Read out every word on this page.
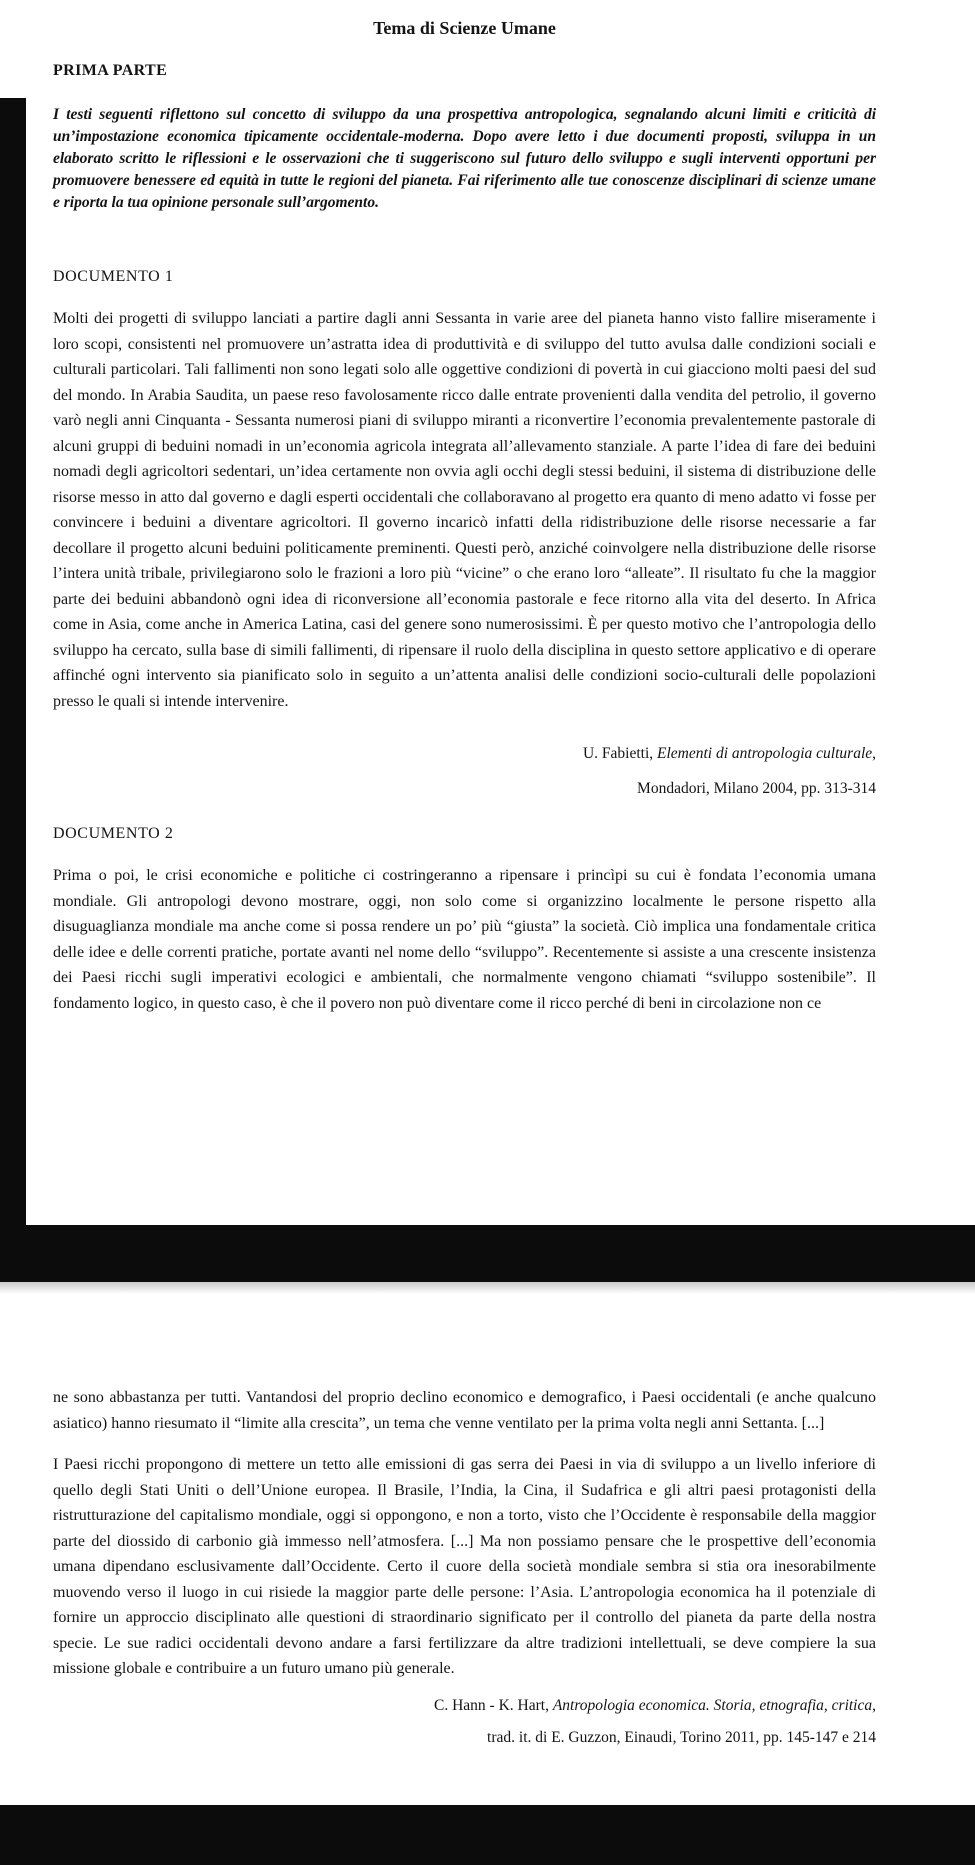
Tema di Scienze Umane
PRIMA PARTE

I testi seguenti riflettono sul concetto di sviluppo da una prospettiva antropologica, segnalando alcuni limiti e criticità di un’impostazione economica tipicamente occidentale-moderna. Dopo avere letto i due documenti proposti, sviluppa in un elaborato scritto le riflessioni e le osservazioni che ti suggeriscono sul futuro dello sviluppo e sugli interventi opportuni per promuovere benessere ed equità in tutte le regioni del pianeta. Fai riferimento alle tue conoscenze disciplinari di scienze umane e riporta la tua opinione personale sull’argomento.

DOCUMENTO 1

Molti dei progetti di sviluppo lanciati a partire dagli anni Sessanta in varie aree del pianeta hanno visto fallire miseramente i loro scopi, consistenti nel promuovere un’astratta idea di produttività e di sviluppo del tutto avulsa dalle condizioni sociali e culturali particolari. Tali fallimenti non sono legati solo alle oggettive condizioni di povertà in cui giacciono molti paesi del sud del mondo. In Arabia Saudita, un paese reso favolosamente ricco dalle entrate provenienti dalla vendita del petrolio, il governo varò negli anni Cinquanta - Sessanta numerosi piani di sviluppo miranti a riconvertire l’economia prevalentemente pastorale di alcuni gruppi di beduini nomadi in un’economia agricola integrata all’allevamento stanziale. A parte l’idea di fare dei beduini nomadi degli agricoltori sedentari, un’idea certamente non ovvia agli occhi degli stessi beduini, il sistema di distribuzione delle risorse messo in atto dal governo e dagli esperti occidentali che collaboravano al progetto era quanto di meno adatto vi fosse per convincere i beduini a diventare agricoltori. Il governo incaricò infatti della ridistribuzione delle risorse necessarie a far decollare il progetto alcuni beduini politicamente preminenti. Questi però, anziché coinvolgere nella distribuzione delle risorse l’intera unità tribale, privilegiarono solo le frazioni a loro più “vicine” o che erano loro “alleate”. Il risultato fu che la maggior parte dei beduini abbandonò ogni idea di riconversione all’economia pastorale e fece ritorno alla vita del deserto. In Africa come in Asia, come anche in America Latina, casi del genere sono numerosissimi. È per questo motivo che l’antropologia dello sviluppo ha cercato, sulla base di simili fallimenti, di ripensare il ruolo della disciplina in questo settore applicativo e di operare affinché ogni intervento sia pianificato solo in seguito a un’attenta analisi delle condizioni socio-culturali delle popolazioni presso le quali si intende intervenire.

U. Fabietti, Elementi di antropologia culturale,
Mondadori, Milano 2004, pp. 313-314
DOCUMENTO 2

Prima o poi, le crisi economiche e politiche ci costringeranno a ripensare i princìpi su cui è fondata l’economia umana mondiale. Gli antropologi devono mostrare, oggi, non solo come si organizzino localmente le persone rispetto alla disuguaglianza mondiale ma anche come si possa rendere un po’ più “giusta” la società. Ciò implica una fondamentale critica delle idee e delle correnti pratiche, portate avanti nel nome dello “sviluppo”. Recentemente si assiste a una crescente insistenza dei Paesi ricchi sugli imperativi ecologici e ambientali, che normalmente vengono chiamati “sviluppo sostenibile”. Il fondamento logico, in questo caso, è che il povero non può diventare come il ricco perché di beni in circolazione non ce

ne sono abbastanza per tutti. Vantandosi del proprio declino economico e demografico, i Paesi occidentali (e anche qualcuno asiatico) hanno riesumato il “limite alla crescita”, un tema che venne ventilato per la prima volta negli anni Settanta. [...]

I Paesi ricchi propongono di mettere un tetto alle emissioni di gas serra dei Paesi in via di sviluppo a un livello inferiore di quello degli Stati Uniti o dell’Unione europea. Il Brasile, l’India, la Cina, il Sudafrica e gli altri paesi protagonisti della ristrutturazione del capitalismo mondiale, oggi si oppongono, e non a torto, visto che l’Occidente è responsabile della maggior parte del diossido di carbonio già immesso nell’atmosfera. [...] Ma non possiamo pensare che le prospettive dell’economia umana dipendano esclusivamente dall’Occidente. Certo il cuore della società mondiale sembra si stia ora inesorabilmente muovendo verso il luogo in cui risiede la maggior parte delle persone: l’Asia. L’antropologia economica ha il potenziale di fornire un approccio disciplinato alle questioni di straordinario significato per il controllo del pianeta da parte della nostra specie. Le sue radici occidentali devono andare a farsi fertilizzare da altre tradizioni intellettuali, se deve compiere la sua missione globale e contribuire a un futuro umano più generale.

C. Hann - K. Hart, Antropologia economica. Storia, etnografia, critica,
trad. it. di E. Guzzon, Einaudi, Torino 2011, pp. 145-147 e 214
